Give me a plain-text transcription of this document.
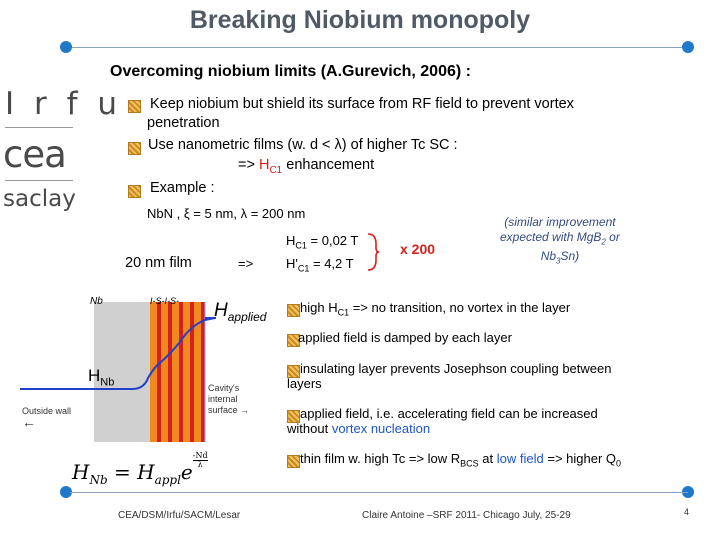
Breaking Niobium monopoly
Overcoming niobium limits (A.Gurevich, 2006) :
I r f u
cea
saclay
Keep niobium but shield its surface from RF field to prevent vortex
penetration
Use nanometric films (w. d < λ) of higher Tc SC :
=> $H_{C1}$ enhancement
Example :
NbN , ξ = 5 nm, λ = 200 nm
20 nm film	=>
$H_{C1} = 0,02$ T
$H'_{C1} = 4,2$ T
x 200
(similar improvement
expected with MgB$_2$ or
$Nb_3Sn$)
Nb	I-S-I-S- $H_{applied}$
$H_{Nb}$
Outside wall
←
Cavity's
internal
surface →
$H_{Nb} = H_{appl}e \frac{-Nd}{\lambda}$
high $H_{C1}$ => no transition, no vortex in the layer
applied field is damped by each layer
insulating layer prevents Josephson coupling between
layers
applied field, i.e. accelerating field can be increased
without vortex nucleation
thin film w. high Tc => low $R_{BCS}$ at low field => higher $Q_0$
CEA/DSM/Irfu/SACM/Lesar	Claire Antoine –SRF 2011- Chicago July, 25-29	4
